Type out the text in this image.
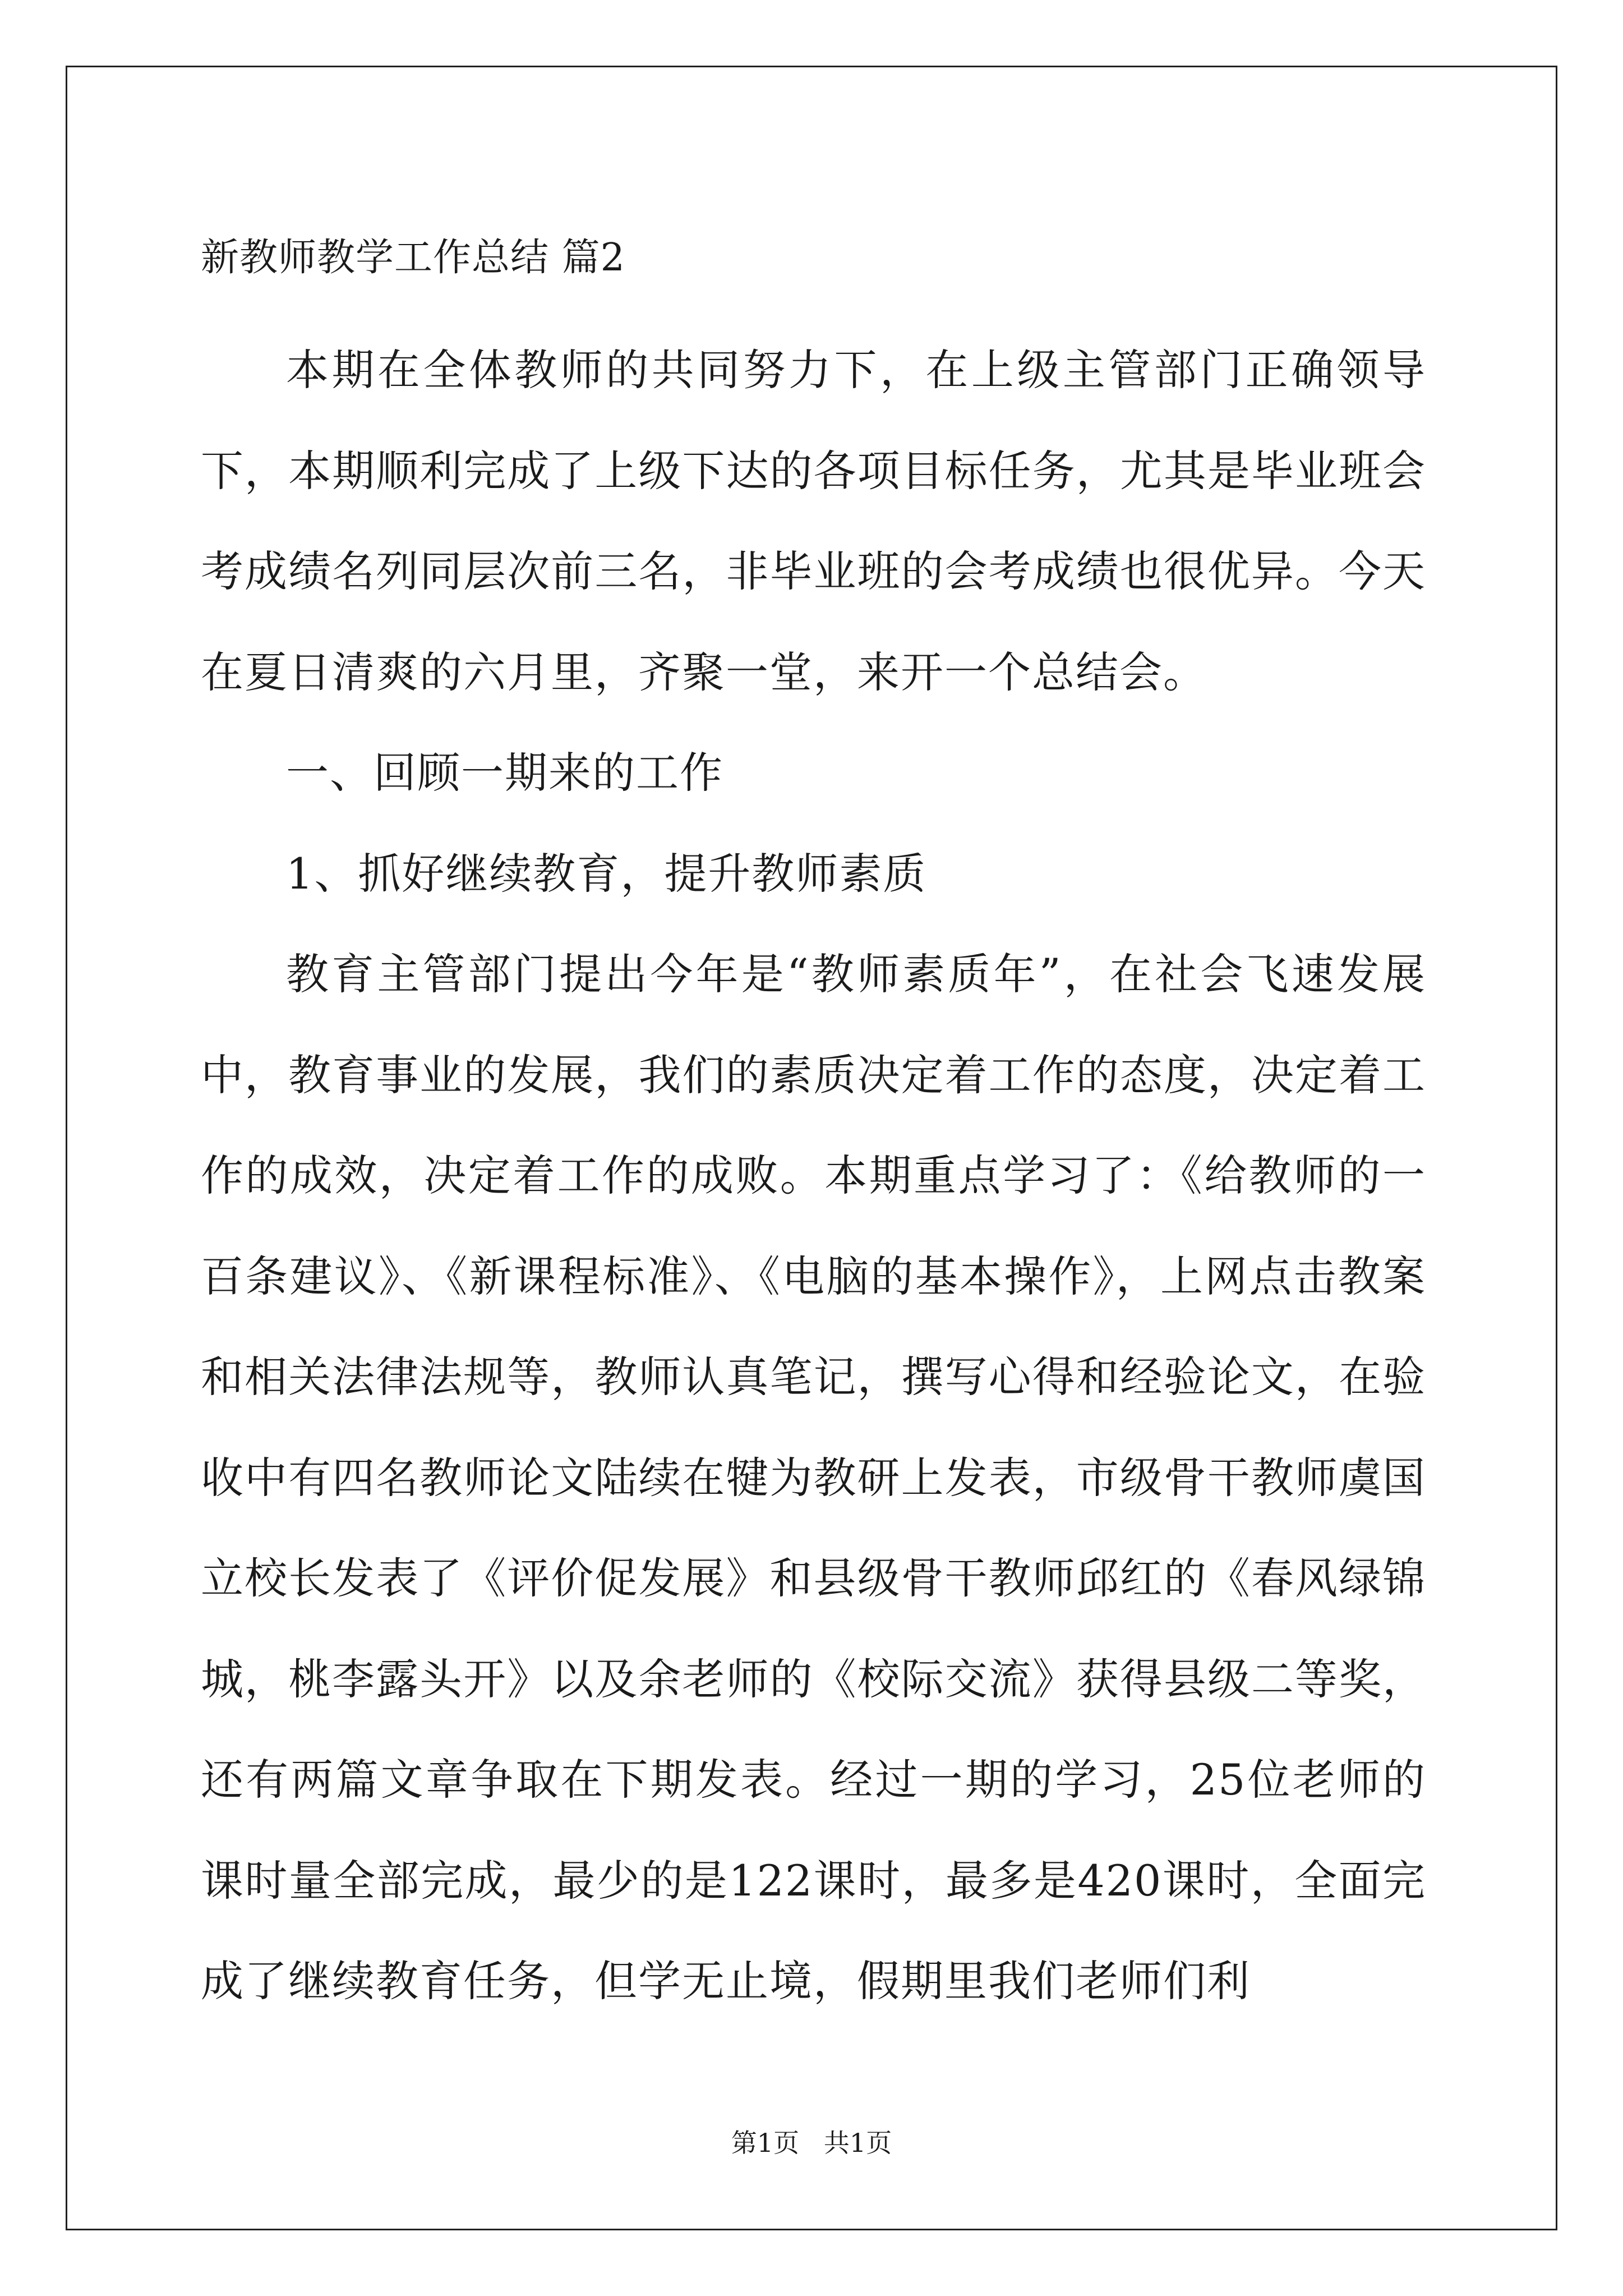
新教师教学工作总结 篇2

本期在全体教师的共同努力下，在上级主管部门正确领导下，本期顺利完成了上级下达的各项目标任务，尤其是毕业班会考成绩名列同层次前三名，非毕业班的会考成绩也很优异。今天在夏日清爽的六月里，齐聚一堂，来开一个总结会。

一、回顾一期来的工作

1、抓好继续教育，提升教师素质

教育主管部门提出今年是“教师素质年”，在社会飞速发展中，教育事业的发展，我们的素质决定着工作的态度，决定着工作的成效，决定着工作的成败。本期重点学习了：《给教师的一百条建议》、《新课程标准》、《电脑的基本操作》，上网点击教案和相关法律法规等，教师认真笔记，撰写心得和经验论文，在验收中有四名教师论文陆续在犍为教研上发表，市级骨干教师虞国立校长发表了《评价促发展》和县级骨干教师邱红的《春风绿锦城，桃李露头开》以及余老师的《校际交流》获得县级二等奖，还有两篇文章争取在下期发表。经过一期的学习，25位老师的课时量全部完成，最少的是122课时，最多是420课时，全面完成了继续教育任务，但学无止境，假期里我们老师们利

第1页   共1页
